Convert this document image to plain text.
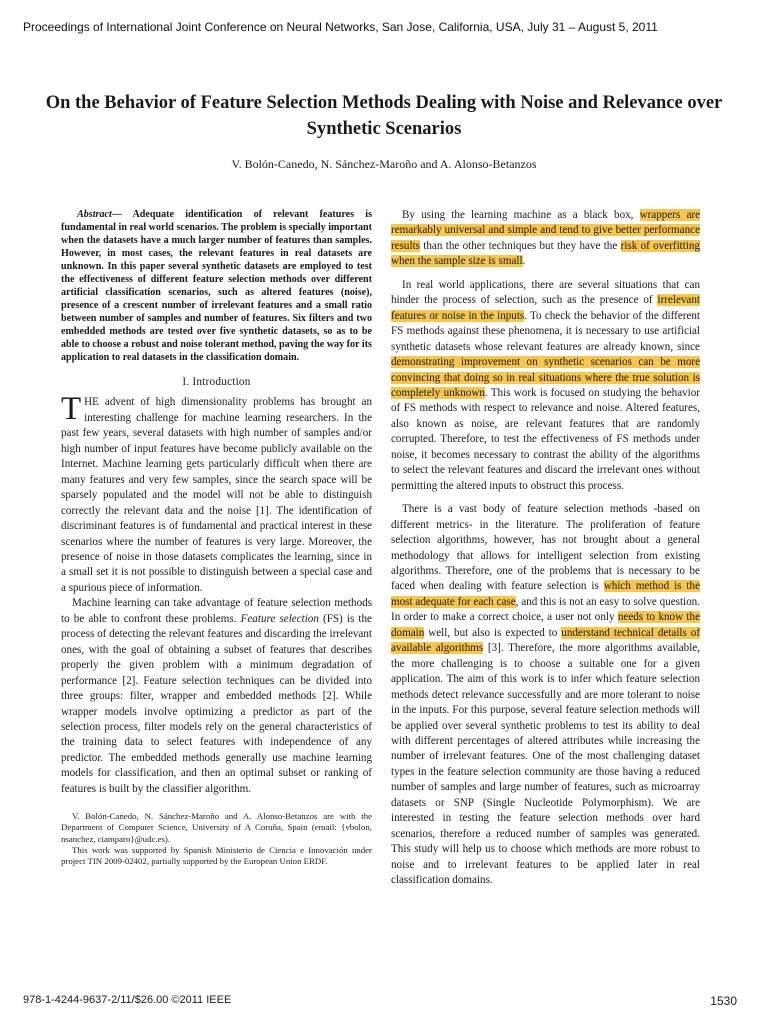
Proceedings of International Joint Conference on Neural Networks, San Jose, California, USA, July 31 – August 5, 2011
On the Behavior of Feature Selection Methods Dealing with Noise and Relevance over Synthetic Scenarios
V. Bolón-Canedo, N. Sánchez-Maroño and A. Alonso-Betanzos

Abstract— Adequate identification of relevant features is fundamental in real world scenarios. The problem is specially important when the datasets have a much larger number of features than samples. However, in most cases, the relevant features in real datasets are unknown. In this paper several synthetic datasets are employed to test the effectiveness of different feature selection methods over different artificial classification scenarios, such as altered features (noise), presence of a crescent number of irrelevant features and a small ratio between number of samples and number of features. Six filters and two embedded methods are tested over five synthetic datasets, so as to be able to choose a robust and noise tolerant method, paving the way for its application to real datasets in the classification domain.

I. Introduction

THE advent of high dimensionality problems has brought an interesting challenge for machine learning researchers. In the past few years, several datasets with high number of samples and/or high number of input features have become publicly available on the Internet. Machine learning gets particularly difficult when there are many features and very few samples, since the search space will be sparsely populated and the model will not be able to distinguish correctly the relevant data and the noise [1]. The identification of discriminant features is of fundamental and practical interest in these scenarios where the number of features is very large. Moreover, the presence of noise in those datasets complicates the learning, since in a small set it is not possible to distinguish between a special case and a spurious piece of information.

Machine learning can take advantage of feature selection methods to be able to confront these problems. Feature selection (FS) is the process of detecting the relevant features and discarding the irrelevant ones, with the goal of obtaining a subset of features that describes properly the given problem with a minimum degradation of performance [2]. Feature selection techniques can be divided into three groups: filter, wrapper and embedded methods [2]. While wrapper models involve optimizing a predictor as part of the selection process, filter models rely on the general characteristics of the training data to select features with independence of any predictor. The embedded methods generally use machine learning models for classification, and then an optimal subset or ranking of features is built by the classifier algorithm.

V. Bolón-Canedo, N. Sánchez-Maroño and A. Alonso-Betanzos are with the Department of Computer Science, University of A Coruña, Spain (email: {vbolon, nsanchez, ciamparo}@udc.es).
This work was supported by Spanish Ministerio de Ciencia e Innovación under project TIN 2009-02402, partially supported by the European Union ERDF.

By using the learning machine as a black box, wrappers are remarkably universal and simple and tend to give better performance results than the other techniques but they have the risk of overfitting when the sample size is small.

In real world applications, there are several situations that can hinder the process of selection, such as the presence of irrelevant features or noise in the inputs. To check the behavior of the different FS methods against these phenomena, it is necessary to use artificial synthetic datasets whose relevant features are already known, since demonstrating improvement on synthetic scenarios can be more convincing that doing so in real situations where the true solution is completely unknown. This work is focused on studying the behavior of FS methods with respect to relevance and noise. Altered features, also known as noise, are relevant features that are randomly corrupted. Therefore, to test the effectiveness of FS methods under noise, it becomes necessary to contrast the ability of the algorithms to select the relevant features and discard the irrelevant ones without permitting the altered inputs to obstruct this process.

There is a vast body of feature selection methods -based on different metrics- in the literature. The proliferation of feature selection algorithms, however, has not brought about a general methodology that allows for intelligent selection from existing algorithms. Therefore, one of the problems that is necessary to be faced when dealing with feature selection is which method is the most adequate for each case, and this is not an easy to solve question. In order to make a correct choice, a user not only needs to know the domain well, but also is expected to understand technical details of available algorithms [3]. Therefore, the more algorithms available, the more challenging is to choose a suitable one for a given application. The aim of this work is to infer which feature selection methods detect relevance successfully and are more tolerant to noise in the inputs. For this purpose, several feature selection methods will be applied over several synthetic problems to test its ability to deal with different percentages of altered attributes while increasing the number of irrelevant features. One of the most challenging dataset types in the feature selection community are those having a reduced number of samples and large number of features, such as microarray datasets or SNP (Single Nucleotide Polymorphism). We are interested in testing the feature selection methods over hard scenarios, therefore a reduced number of samples was generated. This study will help us to choose which methods are more robust to noise and to irrelevant features to be applied later in real classification domains.

978-1-4244-9637-2/11/$26.00 ©2011 IEEE	1530
